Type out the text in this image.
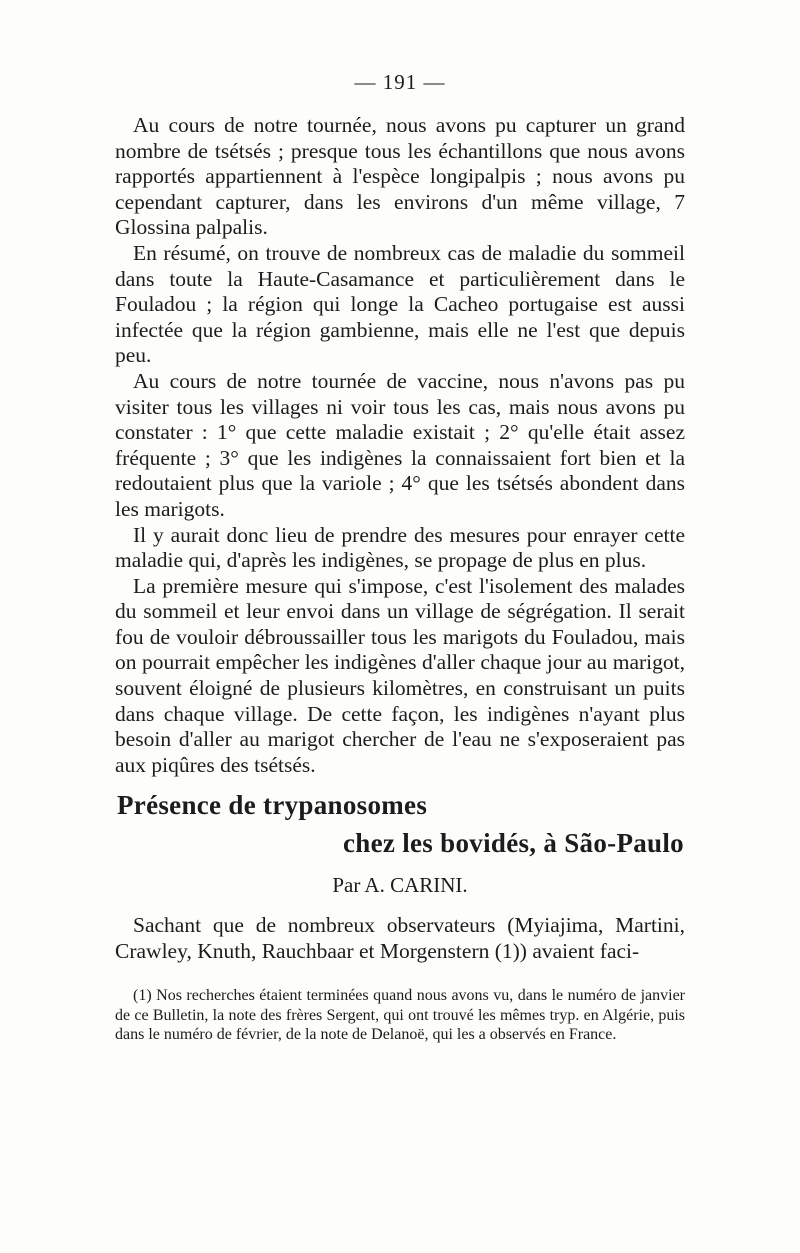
— 191 —

Au cours de notre tournée, nous avons pu capturer un grand nombre de tsétsés ; presque tous les échantillons que nous avons rapportés appartiennent à l'espèce longipalpis ; nous avons pu cependant capturer, dans les environs d'un même village, 7 Glossina palpalis.

En résumé, on trouve de nombreux cas de maladie du sommeil dans toute la Haute-Casamance et particulièrement dans le Fouladou ; la région qui longe la Cacheo portugaise est aussi infectée que la région gambienne, mais elle ne l'est que depuis peu.

Au cours de notre tournée de vaccine, nous n'avons pas pu visiter tous les villages ni voir tous les cas, mais nous avons pu constater : 1° que cette maladie existait ; 2° qu'elle était assez fréquente ; 3° que les indigènes la connaissaient fort bien et la redoutaient plus que la variole ; 4° que les tsétsés abondent dans les marigots.

Il y aurait donc lieu de prendre des mesures pour enrayer cette maladie qui, d'après les indigènes, se propage de plus en plus.

La première mesure qui s'impose, c'est l'isolement des malades du sommeil et leur envoi dans un village de ségrégation. Il serait fou de vouloir débroussailler tous les marigots du Fouladou, mais on pourrait empêcher les indigènes d'aller chaque jour au marigot, souvent éloigné de plusieurs kilomètres, en construisant un puits dans chaque village. De cette façon, les indigènes n'ayant plus besoin d'aller au marigot chercher de l'eau ne s'exposeraient pas aux piqûres des tsétsés.

Présence de trypanosomes
chez les bovidés, à São-Paulo
Par A. CARINI.

Sachant que de nombreux observateurs (Myiajima, Martini, Crawley, Knuth, Rauchbaar et Morgenstern (1)) avaient faci-

(1) Nos recherches étaient terminées quand nous avons vu, dans le numéro de janvier de ce Bulletin, la note des frères Sergent, qui ont trouvé les mêmes tryp. en Algérie, puis dans le numéro de février, de la note de Delanoë, qui les a observés en France.
